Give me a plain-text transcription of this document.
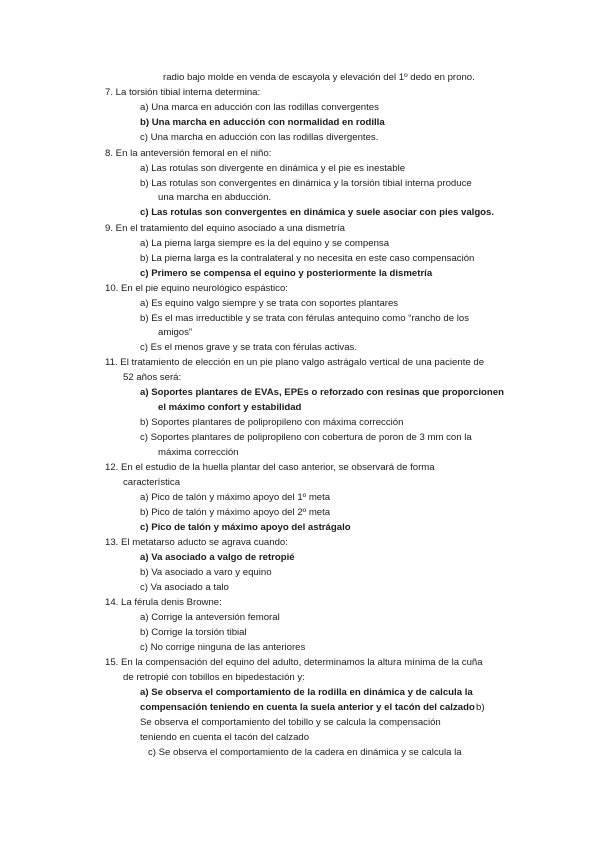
radio bajo molde en venda de escayola y elevación del 1º dedo en prono.
7. La torsión tibial interna determina:
a) Una marca en aducción con las rodillas convergentes
b) Una marcha en aducción con normalidad en rodilla
c) Una marcha en aducción con las rodillas divergentes.
8. En la anteversión femoral en el niño:
a) Las rotulas son divergente en dinámica y el pie es inestable
b) Las rotulas son convergentes en dinámica y la torsión tibial interna produce
una marcha en abducción.
c) Las rotulas son convergentes en dinámica y suele asociar con pies valgos.
9. En el tratamiento del equino asociado a una dismetría
a) La pierna larga siempre es la del equino y se compensa
b) La pierna larga es la contralateral y no necesita en este caso compensación
c) Primero se compensa el equino y posteriormente la dismetría
10. En el pie equino neurológico espástico:
a) Es equino valgo siempre y se trata con soportes plantares
b) Es el mas irreductible y se trata con férulas antequino como “rancho de los
amigos”
c) Es el menos grave y se trata con férulas activas.
11. El tratamiento de elección en un pie plano valgo astrágalo vertical de una paciente de
52 años será:
a) Soportes plantares de EVAs, EPEs o reforzado con resinas que proporcionen
el máximo confort y estabilidad
b) Soportes plantares de polipropileno con máxima corrección
c) Soportes plantares de polipropileno con cobertura de poron de 3 mm con la
máxima corrección
12. En el estudio de la huella plantar del caso anterior, se observará de forma
característica
a) Pico de talón y máximo apoyo del 1º meta
b) Pico de talón y máximo apoyo del 2º meta
c) Pico de talón y máximo apoyo del astrágalo
13. El metatarso aducto se agrava cuando:
a) Va asociado a valgo de retropié
b) Va asociado a varo y equino
c) Va asociado a talo
14. La férula denis Browne:
a) Corrige la anteversión femoral
b) Corrige la torsión tibial
c) No corrige ninguna de las anteriores
15. En la compensación del equino del adulto, determinamos la altura mínima de la cuña
de retropié con tobillos en bipedestación y:
a) Se observa el comportamiento de la rodilla en dinámica y de calcula la
compensación teniendo en cuenta la suela anterior y el tacón del calzado b)
Se observa el comportamiento del tobillo y se calcula la compensación
teniendo en cuenta el tacón del calzado
c) Se observa el comportamiento de la cadera en dinámica y se calcula la
